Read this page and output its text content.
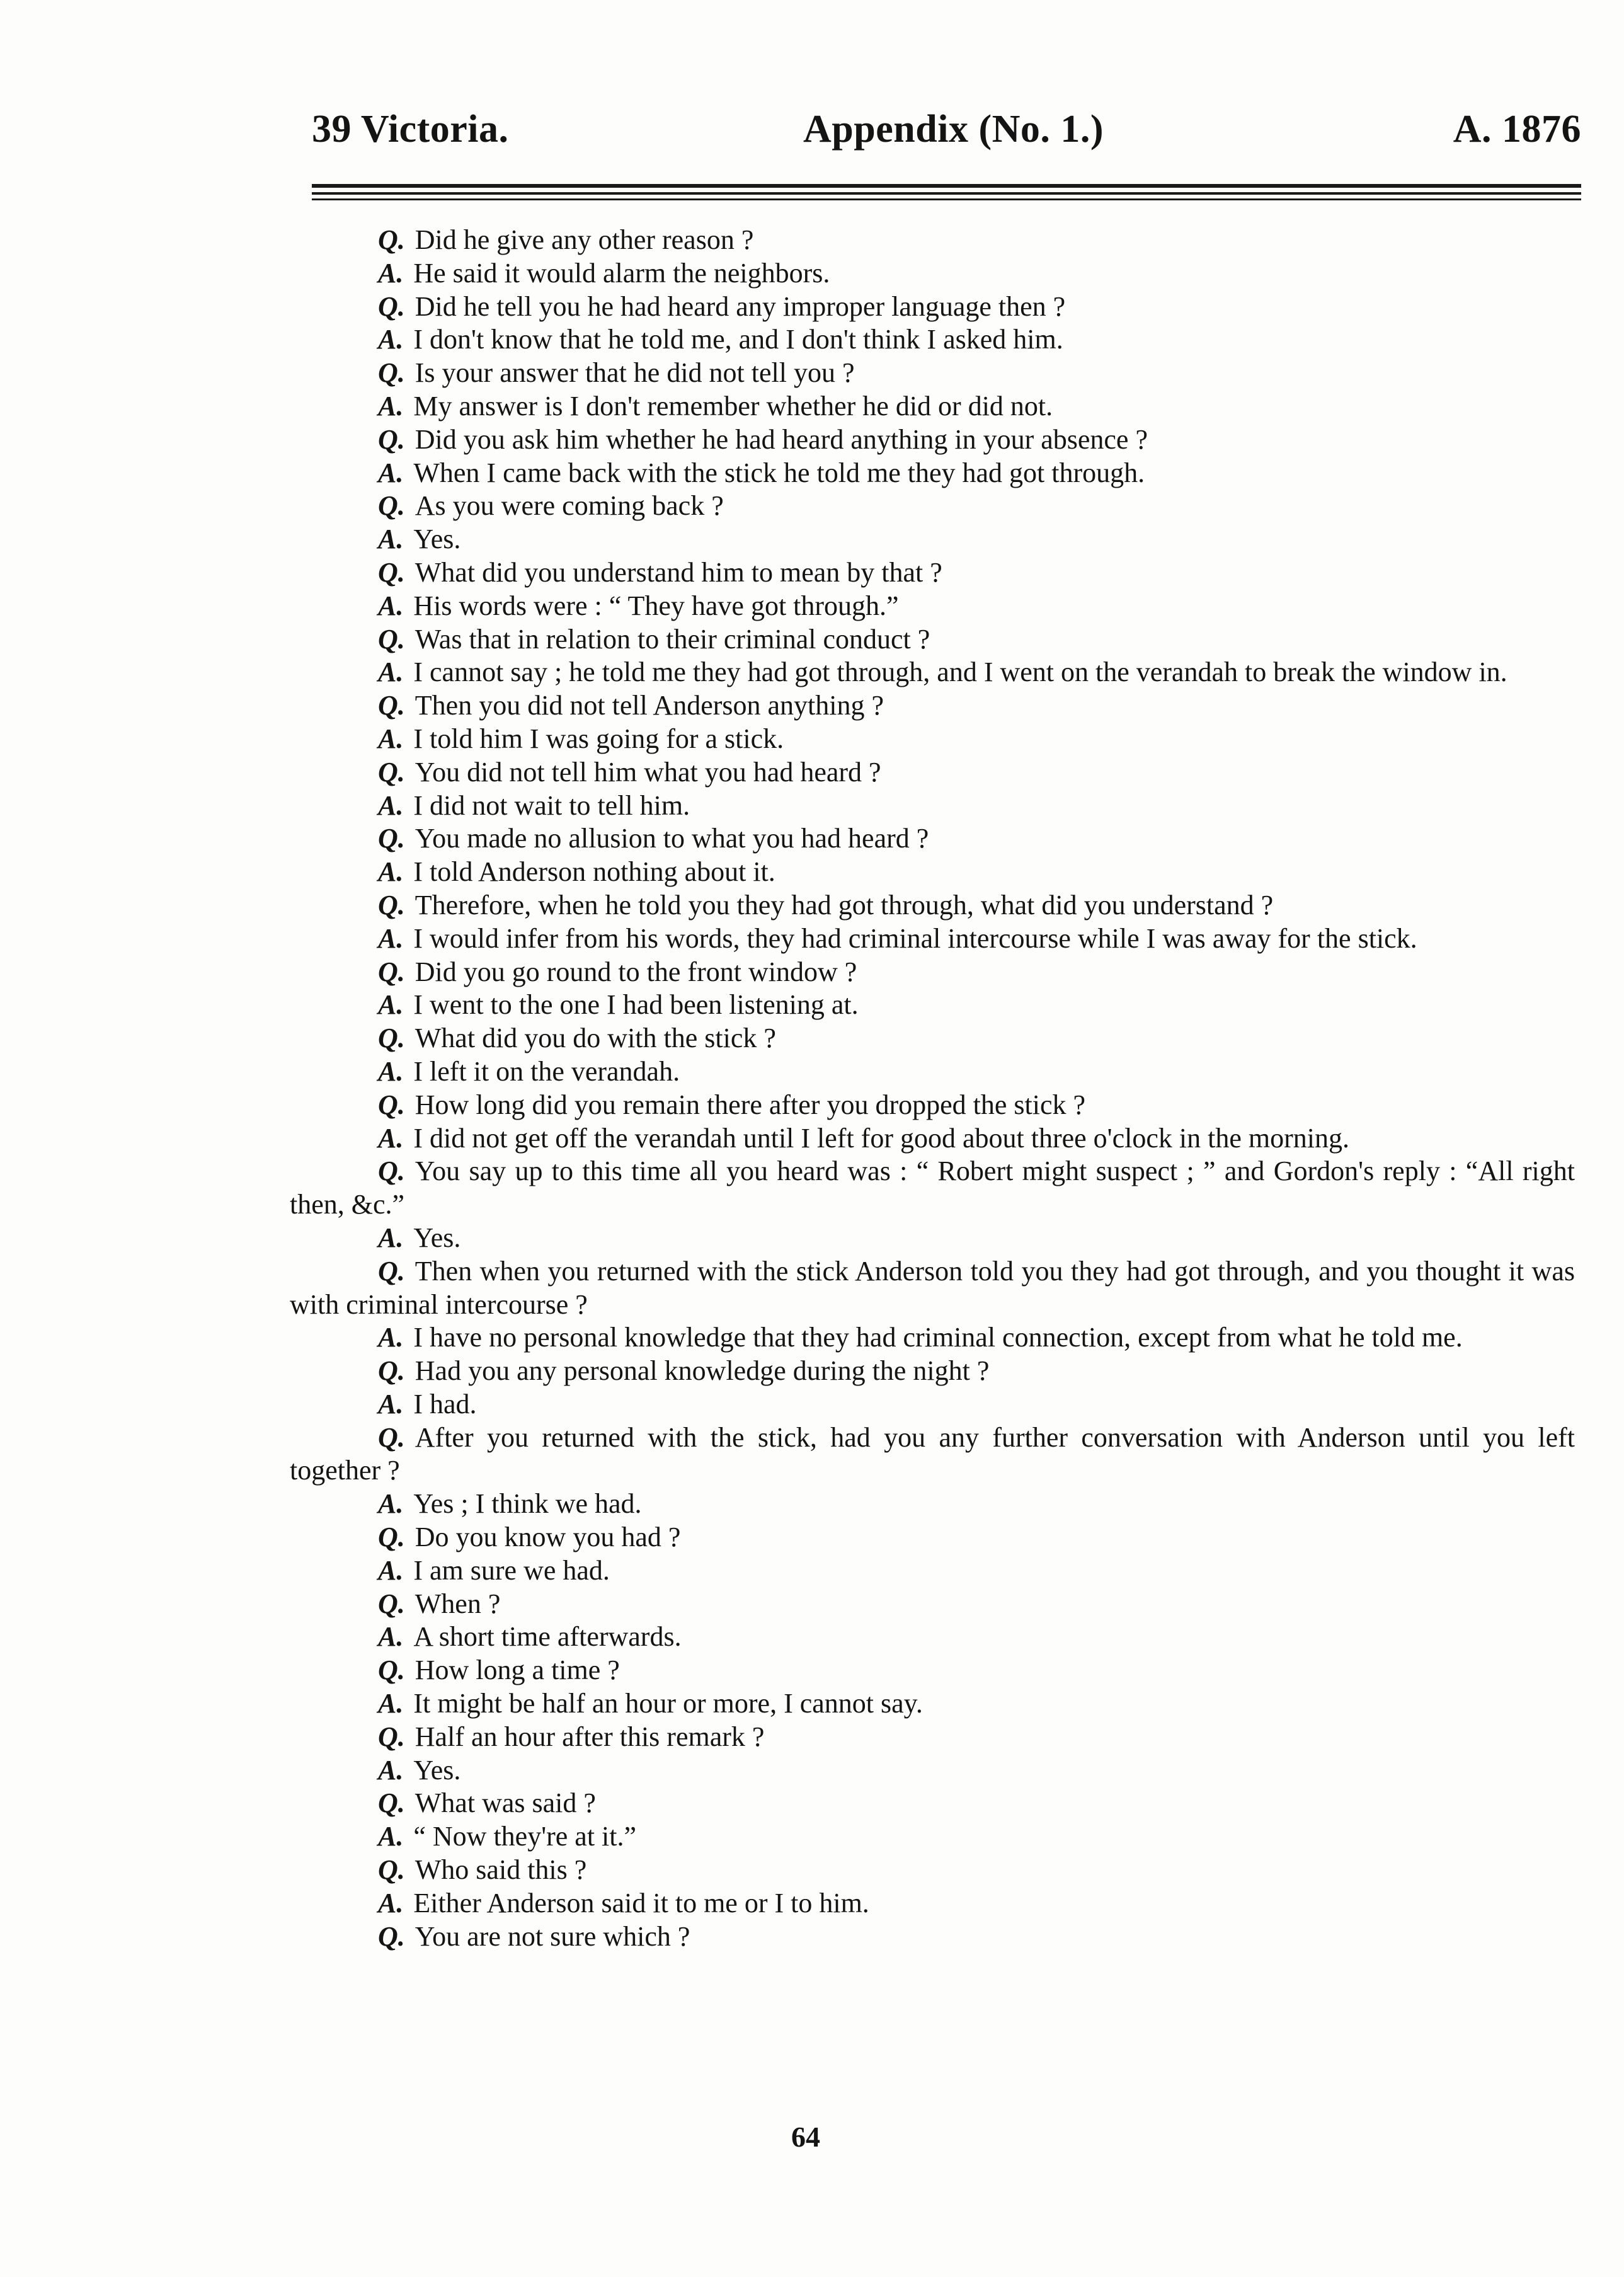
39 Victoria.	Appendix (No. 1.)	A. 1876

Q. Did he give any other reason ?

A. He said it would alarm the neighbors.

Q. Did he tell you he had heard any improper language then ?

A. I don't know that he told me, and I don't think I asked him.

Q. Is your answer that he did not tell you ?

A. My answer is I don't remember whether he did or did not.

Q. Did you ask him whether he had heard anything in your absence ?

A. When I came back with the stick he told me they had got through.

Q. As you were coming back ?

A. Yes.

Q. What did you understand him to mean by that ?

A. His words were : “ They have got through.”

Q. Was that in relation to their criminal conduct ?

A. I cannot say ; he told me they had got through, and I went on the verandah to break the window in.

Q. Then you did not tell Anderson anything ?

A. I told him I was going for a stick.

Q. You did not tell him what you had heard ?

A. I did not wait to tell him.

Q. You made no allusion to what you had heard ?

A. I told Anderson nothing about it.

Q. Therefore, when he told you they had got through, what did you understand ?

A. I would infer from his words, they had criminal intercourse while I was away for the stick.

Q. Did you go round to the front window ?

A. I went to the one I had been listening at.

Q. What did you do with the stick ?

A. I left it on the verandah.

Q. How long did you remain there after you dropped the stick ?

A. I did not get off the verandah until I left for good about three o'clock in the morning.

Q. You say up to this time all you heard was : “ Robert might suspect ; ” and Gordon's reply : “All right then, &c.”

A. Yes.

Q. Then when you returned with the stick Anderson told you they had got through, and you thought it was with criminal intercourse ?

A. I have no personal knowledge that they had criminal connection, except from what he told me.

Q. Had you any personal knowledge during the night ?

A. I had.

Q. After you returned with the stick, had you any further conversation with Anderson until you left together ?

A. Yes ; I think we had.

Q. Do you know you had ?

A. I am sure we had.

Q. When ?

A. A short time afterwards.

Q. How long a time ?

A. It might be half an hour or more, I cannot say.

Q. Half an hour after this remark ?

A. Yes.

Q. What was said ?

A. “ Now they're at it.”

Q. Who said this ?

A. Either Anderson said it to me or I to him.

Q. You are not sure which ?

64
